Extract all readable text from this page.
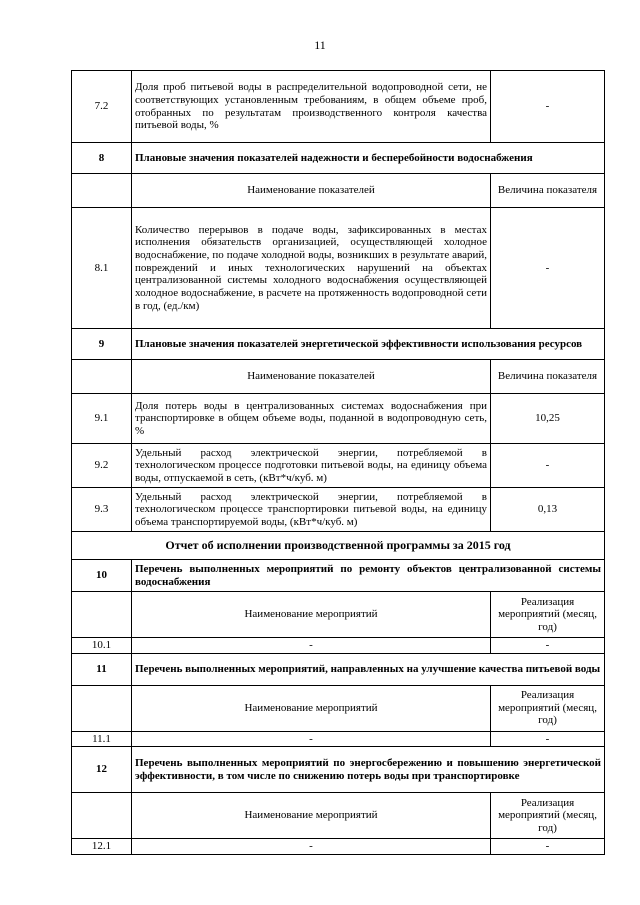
11
7.2	Доля проб питьевой воды в распределительной водопроводной сети, не соответствующих установленным требованиям, в общем объеме проб, отобранных по результатам производственного контроля качества питьевой воды, %	-
8	Плановые значения показателей надежности и бесперебойности водоснабжения	
	Наименование показателей	Величина показателя
8.1	Количество перерывов в подаче воды, зафиксированных в местах исполнения обязательств организацией, осуществляющей холодное водоснабжение, по подаче холодной воды, возникших в результате аварий, повреждений и иных технологических нарушений на объектах централизованной системы холодного водоснабжения осуществляющей холодное водоснабжение, в расчете на протяженность водопроводной сети в год, (ед./км)	-
9	Плановые значения показателей энергетической эффективности использования ресурсов	
	Наименование показателей	Величина показателя
9.1	Доля потерь воды в централизованных системах водоснабжения при транспортировке в общем объеме воды, поданной в водопроводную сеть, %	10,25
9.2	Удельный расход электрической энергии, потребляемой в технологическом процессе подготовки питьевой воды, на единицу объема воды, отпускаемой в сеть, (кВт*ч/куб. м)	-
9.3	Удельный расход электрической энергии, потребляемой в технологическом процессе транспортировки питьевой воды, на единицу объема транспортируемой воды, (кВт*ч/куб. м)	0,13
Отчет об исполнении производственной программы за 2015 год		
10	Перечень выполненных мероприятий по ремонту объектов централизованной системы водоснабжения	
	Наименование мероприятий	Реализация мероприятий (месяц, год)
10.1	-	-
11	Перечень выполненных мероприятий, направленных на улучшение качества питьевой воды	
	Наименование мероприятий	Реализация мероприятий (месяц, год)
11.1	-	-
12	Перечень выполненных мероприятий по энергосбережению и повышению энергетической эффективности, в том числе по снижению потерь воды при транспортировке	
	Наименование мероприятий	Реализация мероприятий (месяц, год)
12.1	-	-
